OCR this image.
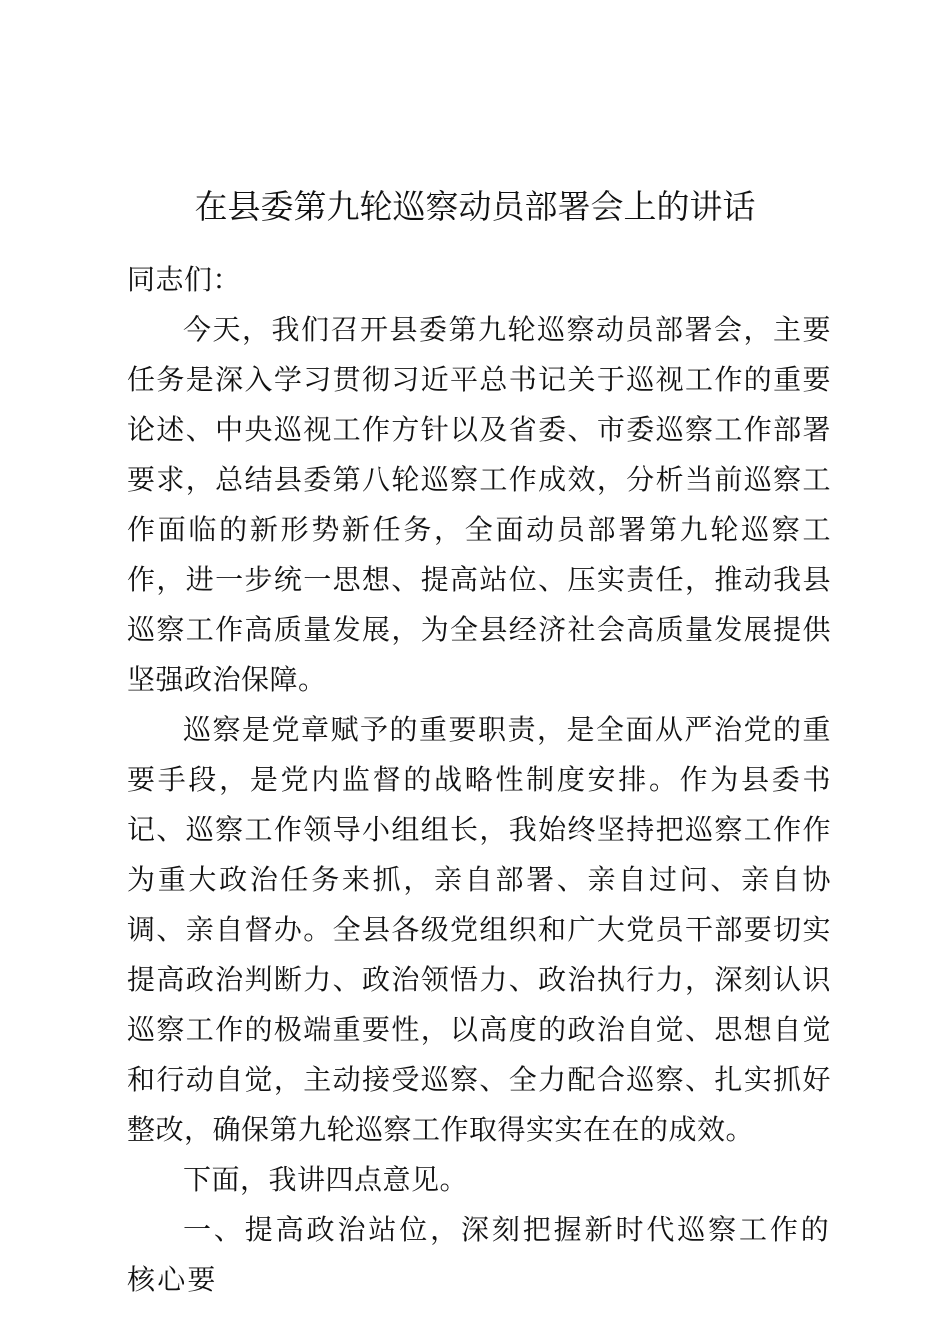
在县委第九轮巡察动员部署会上的讲话

同志们：

今天，我们召开县委第九轮巡察动员部署会，主要任务是深入学习贯彻习近平总书记关于巡视工作的重要论述、中央巡视工作方针以及省委、市委巡察工作部署要求，总结县委第八轮巡察工作成效，分析当前巡察工作面临的新形势新任务，全面动员部署第九轮巡察工作，进一步统一思想、提高站位、压实责任，推动我县巡察工作高质量发展，为全县经济社会高质量发展提供坚强政治保障。

巡察是党章赋予的重要职责，是全面从严治党的重要手段，是党内监督的战略性制度安排。作为县委书记、巡察工作领导小组组长，我始终坚持把巡察工作作为重大政治任务来抓，亲自部署、亲自过问、亲自协调、亲自督办。全县各级党组织和广大党员干部要切实提高政治判断力、政治领悟力、政治执行力，深刻认识巡察工作的极端重要性，以高度的政治自觉、思想自觉和行动自觉，主动接受巡察、全力配合巡察、扎实抓好整改，确保第九轮巡察工作取得实实在在的成效。

下面，我讲四点意见。

一、提高政治站位，深刻把握新时代巡察工作的核心要
